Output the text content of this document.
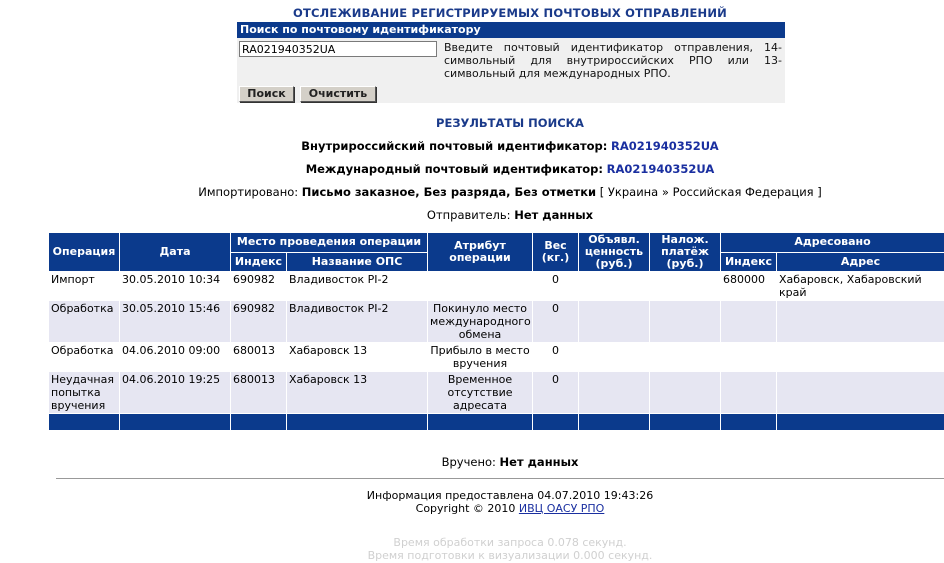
ОТСЛЕЖИВАНИЕ РЕГИСТРИРУЕМЫХ ПОЧТОВЫХ ОТПРАВЛЕНИЙ
Поиск по почтовому идентификатору
RA021940352UA
Введите почтовый идентификатор отправления, 14-символьный для внутрироссийских РПО или 13-символьный для международных РПО.
Поиск	Очистить
РЕЗУЛЬТАТЫ ПОИСКА
Внутрироссийский почтовый идентификатор: RA021940352UA
Международный почтовый идентификатор: RA021940352UA
Импортировано: Письмо заказное, Без разряда, Без отметки [ Украина » Российская Федерация ]
Отправитель: Нет данных
Операция	Дата	Место проведения операции		Атрибут операции	Вес (кг.)	Объявл. ценность (руб.)	Налож. платёж (руб.)	Адресовано	
		Индекс	Название ОПС					Индекс	Адрес
Импорт	30.05.2010 10:34	690982	Владивосток PI-2		0			680000	Хабаровск, Хабаровский край
Обработка	30.05.2010 15:46	690982	Владивосток PI-2	Покинуло место международного обмена	0				
Обработка	04.06.2010 09:00	680013	Хабаровск 13	Прибыло в место вручения	0				
Неудачная попытка вручения	04.06.2010 19:25	680013	Хабаровск 13	Временное отсутствие адресата	0				

Вручено: Нет данных
Информация предоставлена 04.07.2010 19:43:26
Copyright © 2010 ИВЦ ОАСУ РПО
Время обработки запроса 0.078 секунд.
Время подготовки к визуализации 0.000 секунд.
